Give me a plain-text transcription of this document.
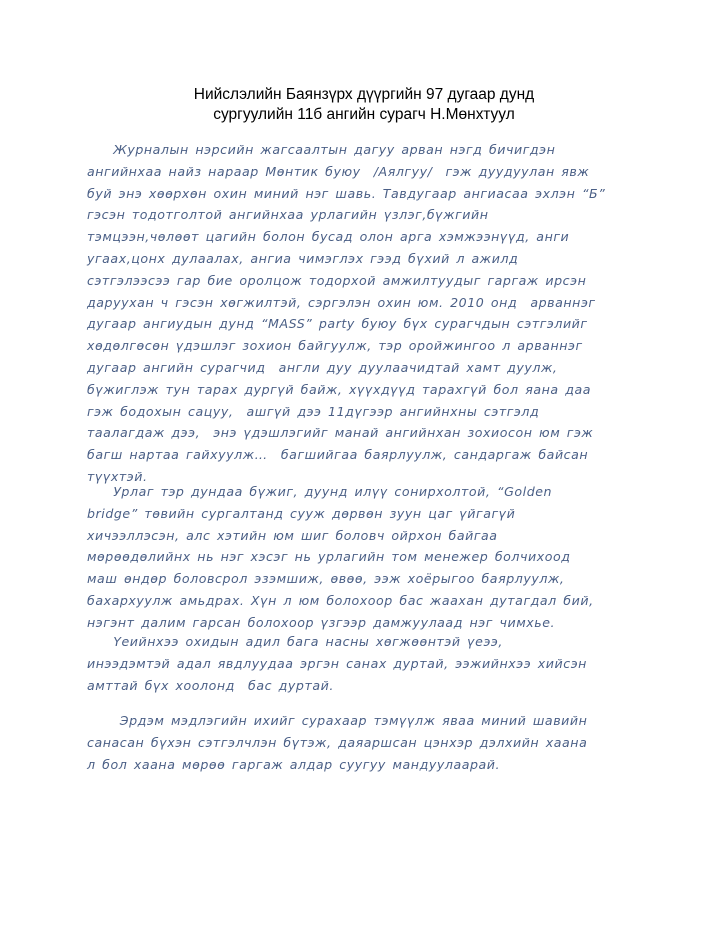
Нийслэлийн Баянзүрх дүүргийн 97 дугаар дунд
сургуулийн 11б ангийн сурагч Н.Мөнхтуул
Журналын нэрсийн жагсаалтын дагуу арван нэгд бичигдэн
ангийнхаа найз нараар Мөнтик буюу  /Аялгуу/  гэж дуудуулан явж
буй энэ хөөрхөн охин миний нэг шавь. Тавдугаар ангиасаа эхлэн “Б”
гэсэн тодотголтой ангийнхаа урлагийн үзлэг,бүжгийн
тэмцээн,чөлөөт цагийн болон бусад олон арга хэмжээнүүд, анги
угаах,цонх дулаалах, ангиа чимэглэх гээд бүхий л ажилд
сэтгэлээсээ гар бие оролцож тодорхой амжилтуудыг гаргаж ирсэн
даруухан ч гэсэн хөгжилтэй, сэргэлэн охин юм. 2010 онд  арваннэг
дугаар ангиудын дунд “MASS” party буюу бүх сурагчдын сэтгэлийг
хөдөлгөсөн үдэшлэг зохион байгуулж, тэр оройжингоо л арваннэг
дугаар ангийн сурагчид  англи дуу дуулаачидтай хамт дуулж,
бүжиглэж тун тарах дургүй байж, хүүхдүүд тарахгүй бол яана даа
гэж бодохын сацуу,  ашгүй дээ 11дүгээр ангийнхны сэтгэлд
таалагдаж дээ,  энэ үдэшлэгийг манай ангийнхан зохиосон юм гэж
багш нартаа гайхуулж…  багшийгаа баярлуулж, сандаргаж байсан
түүхтэй.
Урлаг тэр дундаа бүжиг, дуунд илүү сонирхолтой, “Golden
bridge” төвийн сургалтанд сууж дөрвөн зуун цаг үйгагүй
хичээллэсэн, алс хэтийн юм шиг боловч ойрхон байгаа
мөрөөдөлийнх нь нэг хэсэг нь урлагийн том менежер болчихоод
маш өндөр боловсрол эзэмшиж, өвөө, ээж хоёрыгоо баярлуулж,
бахархуулж амьдрах. Хүн л юм болохоор бас жаахан дутагдал бий,
нэгэнт далим гарсан болохоор үзгээр дамжуулаад нэг чимхье.
Үеийнхээ охидын адил бага насны хөгжөөнтэй үеээ,
инээдэмтэй адал явдлуудаа эргэн санах дуртай, ээжийнхээ хийсэн
амттай бүх хоолонд  бас дуртай.
Эрдэм мэдлэгийн ихийг сурахаар тэмүүлж яваа миний шавийн
санасан бүхэн сэтгэлчлэн бүтэж, даяаршсан цэнхэр дэлхийн хаана
л бол хаана мөрөө гаргаж алдар суугуу мандуулаарай.
